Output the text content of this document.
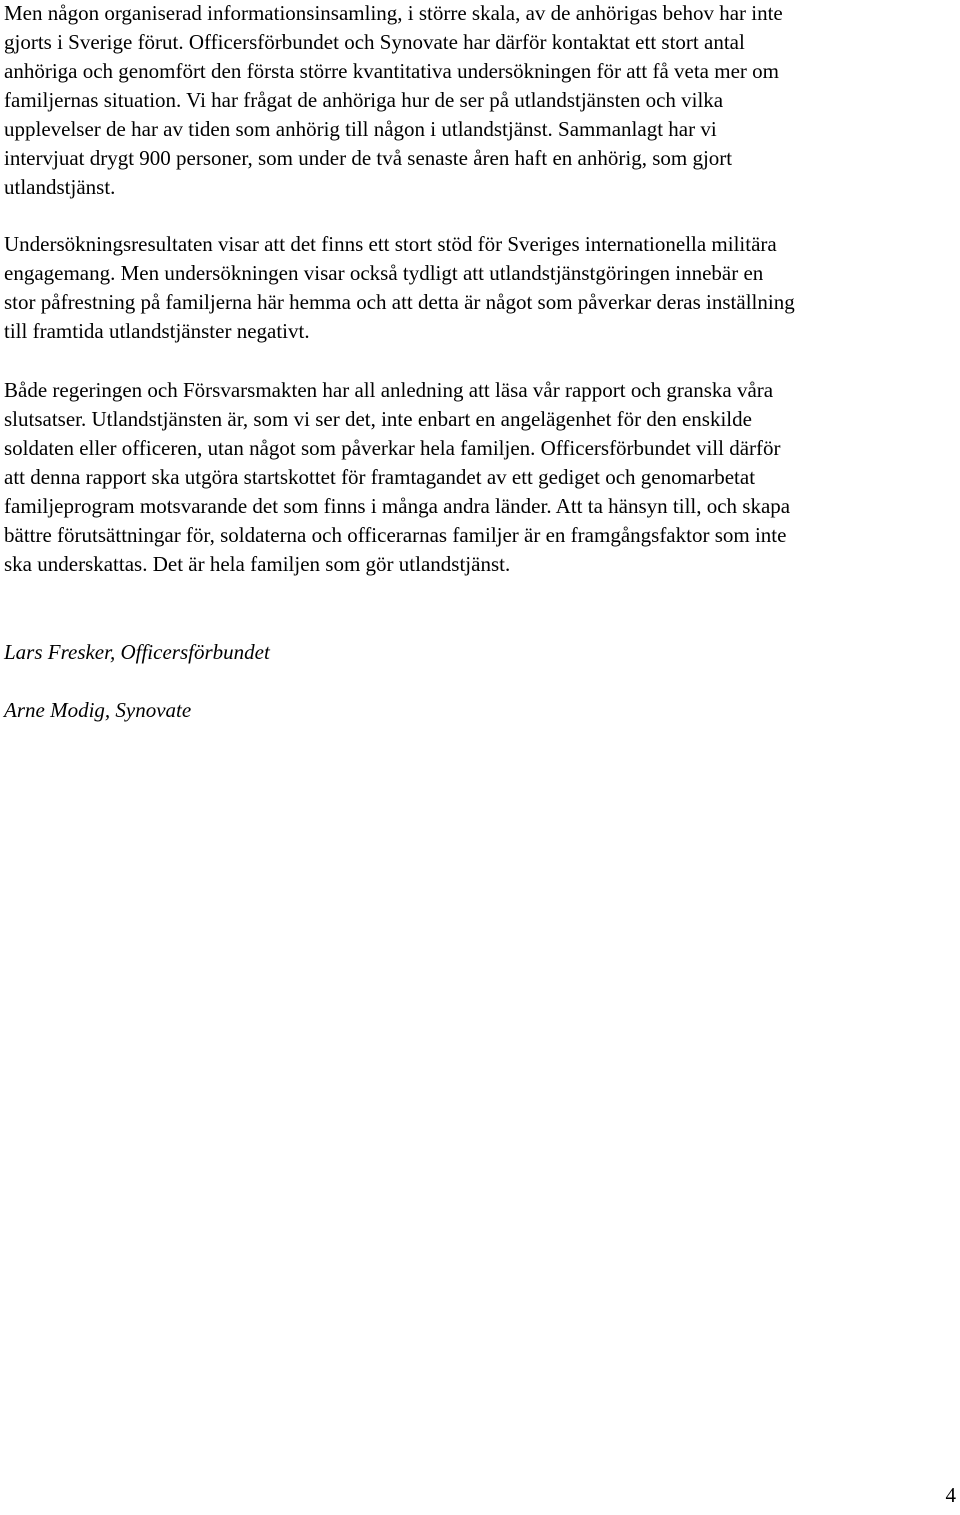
Men någon organiserad informationsinsamling, i större skala, av de anhörigas behov har inte
gjorts i Sverige förut. Officersförbundet och Synovate har därför kontaktat ett stort antal
anhöriga och genomfört den första större kvantitativa undersökningen för att få veta mer om
familjernas situation. Vi har frågat de anhöriga hur de ser på utlandstjänsten och vilka
upplevelser de har av tiden som anhörig till någon i utlandstjänst. Sammanlagt har vi
intervjuat drygt 900 personer, som under de två senaste åren haft en anhörig, som gjort
utlandstjänst.
Undersökningsresultaten visar att det finns ett stort stöd för Sveriges internationella militära
engagemang. Men undersökningen visar också tydligt att utlandstjänstgöringen innebär en
stor påfrestning på familjerna här hemma och att detta är något som påverkar deras inställning
till framtida utlandstjänster negativt.
Både regeringen och Försvarsmakten har all anledning att läsa vår rapport och granska våra
slutsatser. Utlandstjänsten är, som vi ser det, inte enbart en angelägenhet för den enskilde
soldaten eller officeren, utan något som påverkar hela familjen. Officersförbundet vill därför
att denna rapport ska utgöra startskottet för framtagandet av ett gediget och genomarbetat
familjeprogram motsvarande det som finns i många andra länder. Att ta hänsyn till, och skapa
bättre förutsättningar för, soldaterna och officerarnas familjer är en framgångsfaktor som inte
ska underskattas. Det är hela familjen som gör utlandstjänst.

Lars Fresker, Officersförbundet

Arne Modig, Synovate

4
